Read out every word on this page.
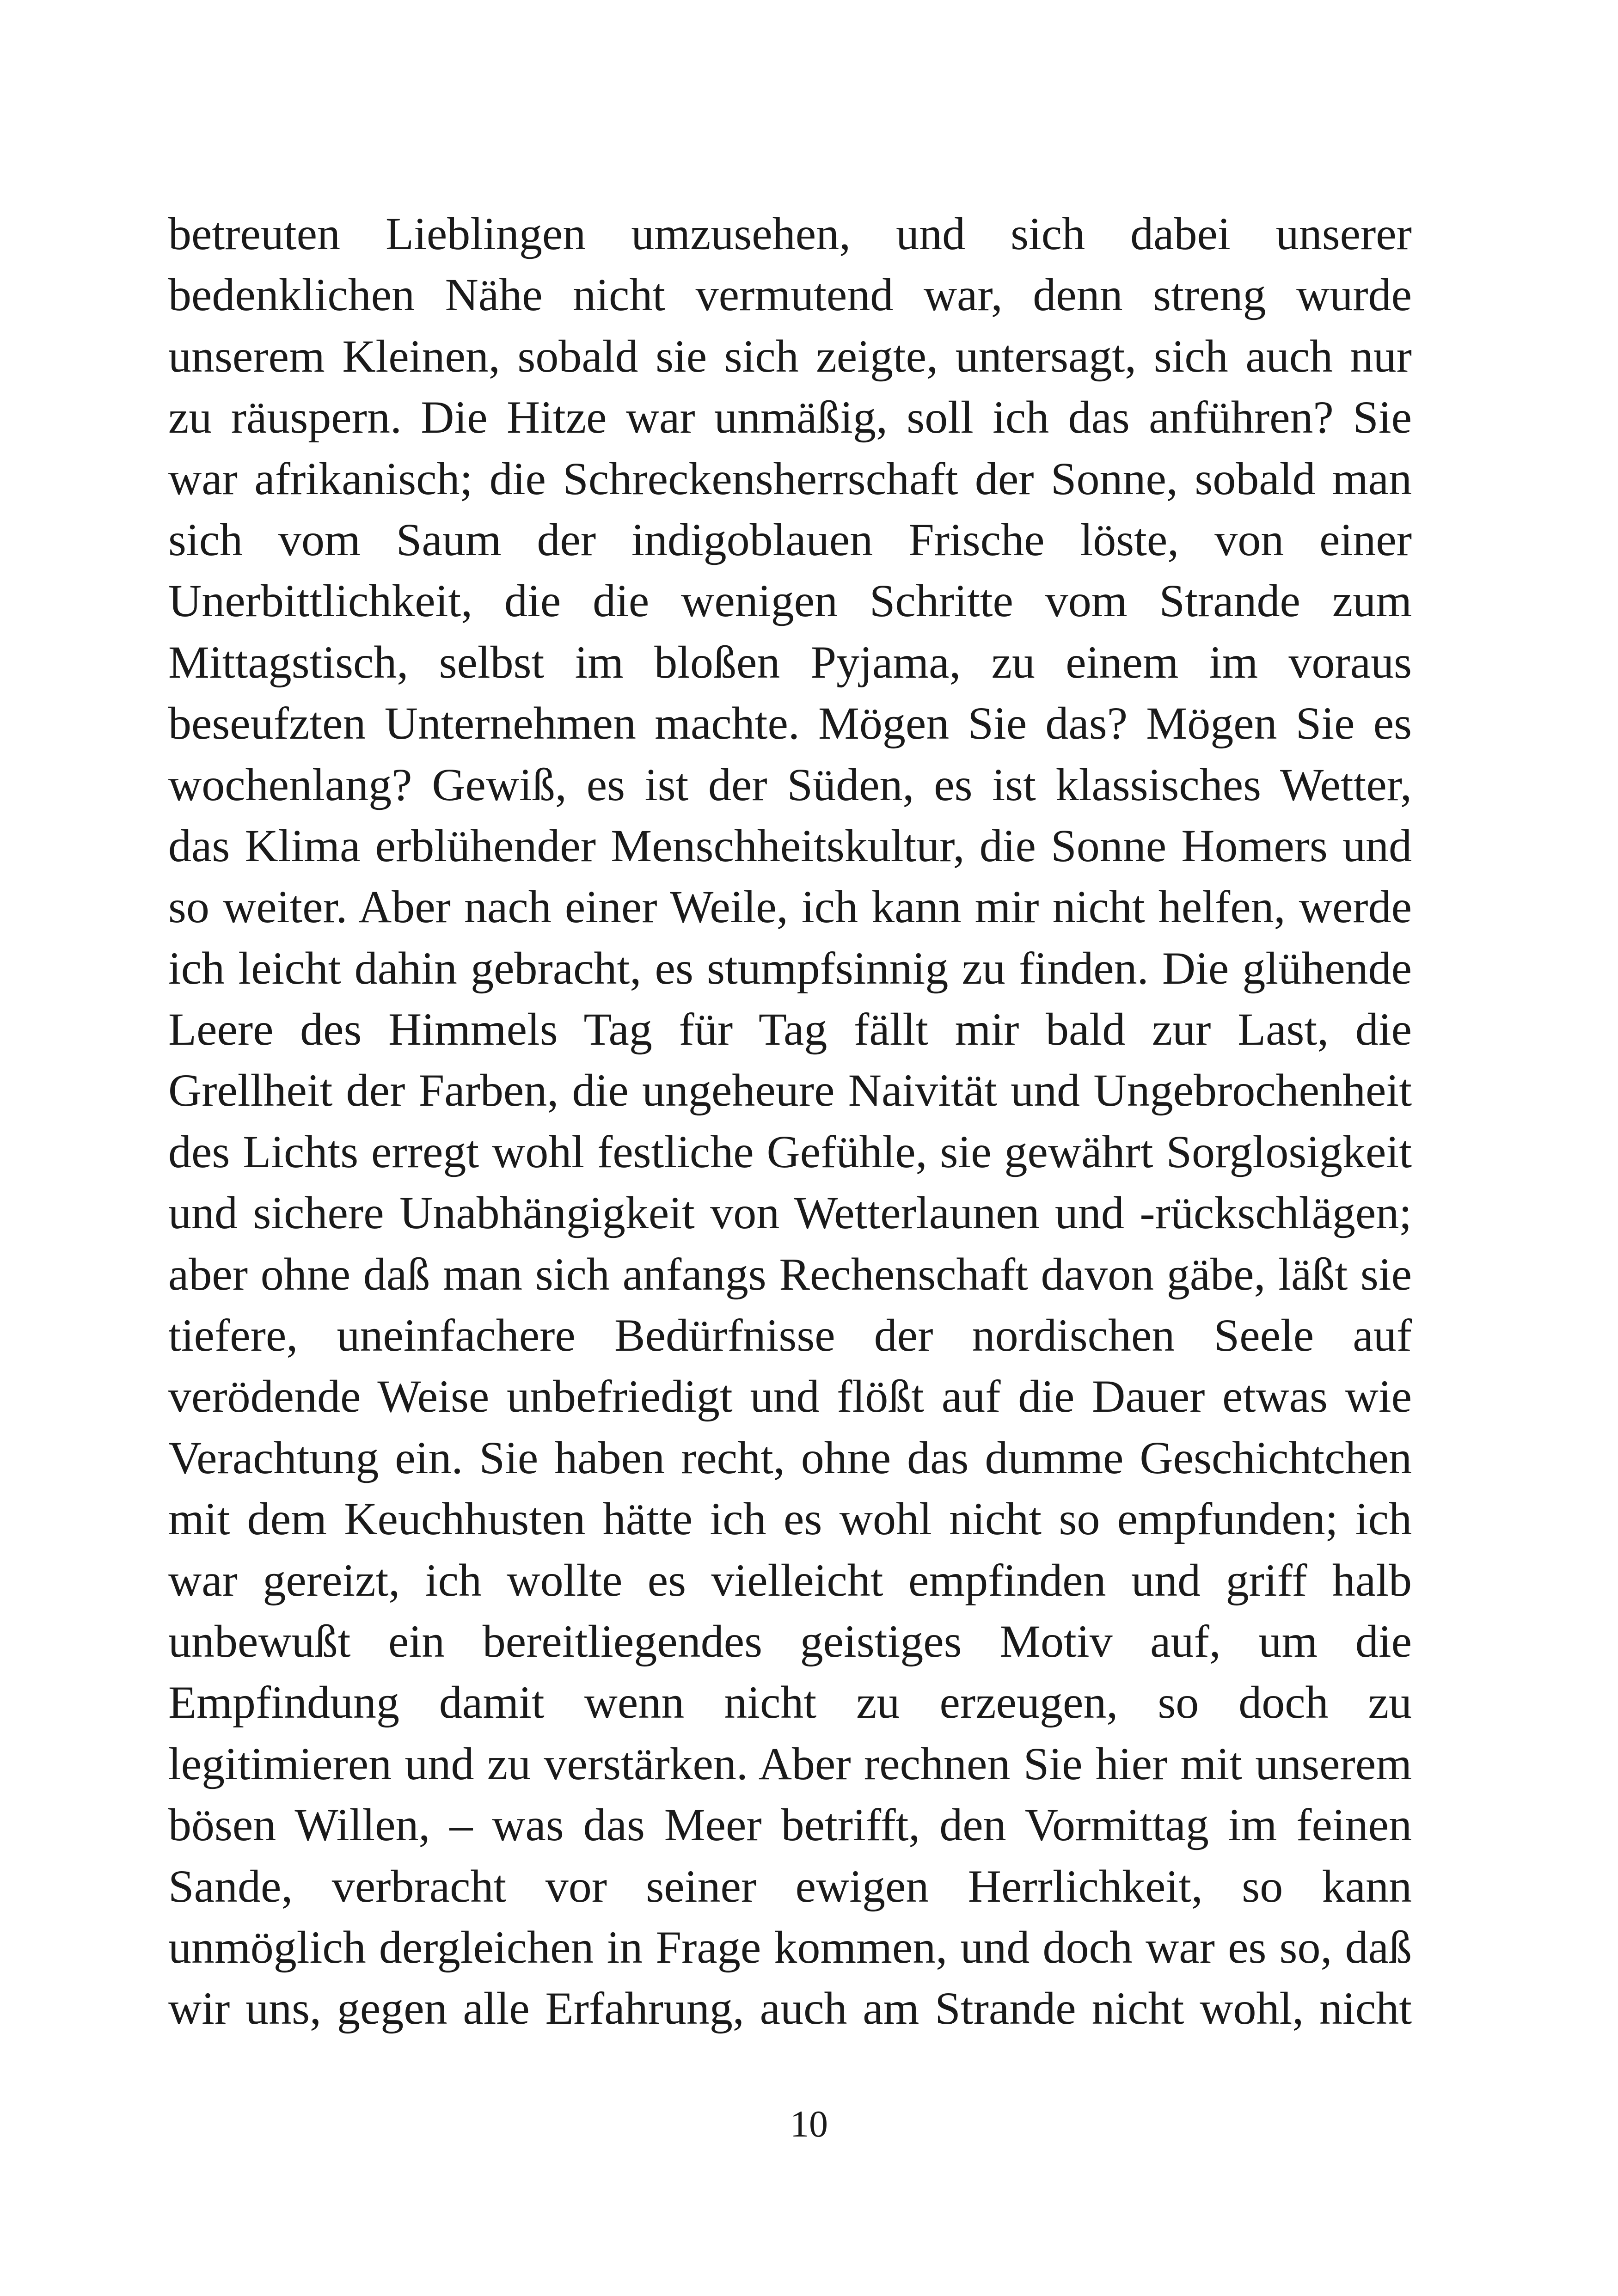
betreuten Lieblingen umzusehen, und sich dabei unserer
bedenklichen Nähe nicht vermutend war, denn streng wurde
unserem Kleinen, sobald sie sich zeigte, untersagt, sich auch nur
zu räuspern. Die Hitze war unmäßig, soll ich das anführen? Sie
war afrikanisch; die Schreckensherrschaft der Sonne, sobald man
sich vom Saum der indigoblauen Frische löste, von einer
Unerbittlichkeit, die die wenigen Schritte vom Strande zum
Mittagstisch, selbst im bloßen Pyjama, zu einem im voraus
beseufzten Unternehmen machte. Mögen Sie das? Mögen Sie es
wochenlang? Gewiß, es ist der Süden, es ist klassisches Wetter,
das Klima erblühender Menschheitskultur, die Sonne Homers und
so weiter. Aber nach einer Weile, ich kann mir nicht helfen, werde
ich leicht dahin gebracht, es stumpfsinnig zu finden. Die glühende
Leere des Himmels Tag für Tag fällt mir bald zur Last, die
Grellheit der Farben, die ungeheure Naivität und Ungebrochenheit
des Lichts erregt wohl festliche Gefühle, sie gewährt Sorglosigkeit
und sichere Unabhängigkeit von Wetterlaunen und -rückschlägen;
aber ohne daß man sich anfangs Rechenschaft davon gäbe, läßt sie
tiefere, uneinfachere Bedürfnisse der nordischen Seele auf
verödende Weise unbefriedigt und flößt auf die Dauer etwas wie
Verachtung ein. Sie haben recht, ohne das dumme Geschichtchen
mit dem Keuchhusten hätte ich es wohl nicht so empfunden; ich
war gereizt, ich wollte es vielleicht empfinden und griff halb
unbewußt ein bereitliegendes geistiges Motiv auf, um die
Empfindung damit wenn nicht zu erzeugen, so doch zu
legitimieren und zu verstärken. Aber rechnen Sie hier mit unserem
bösen Willen, – was das Meer betrifft, den Vormittag im feinen
Sande, verbracht vor seiner ewigen Herrlichkeit, so kann
unmöglich dergleichen in Frage kommen, und doch war es so, daß
wir uns, gegen alle Erfahrung, auch am Strande nicht wohl, nicht
10
